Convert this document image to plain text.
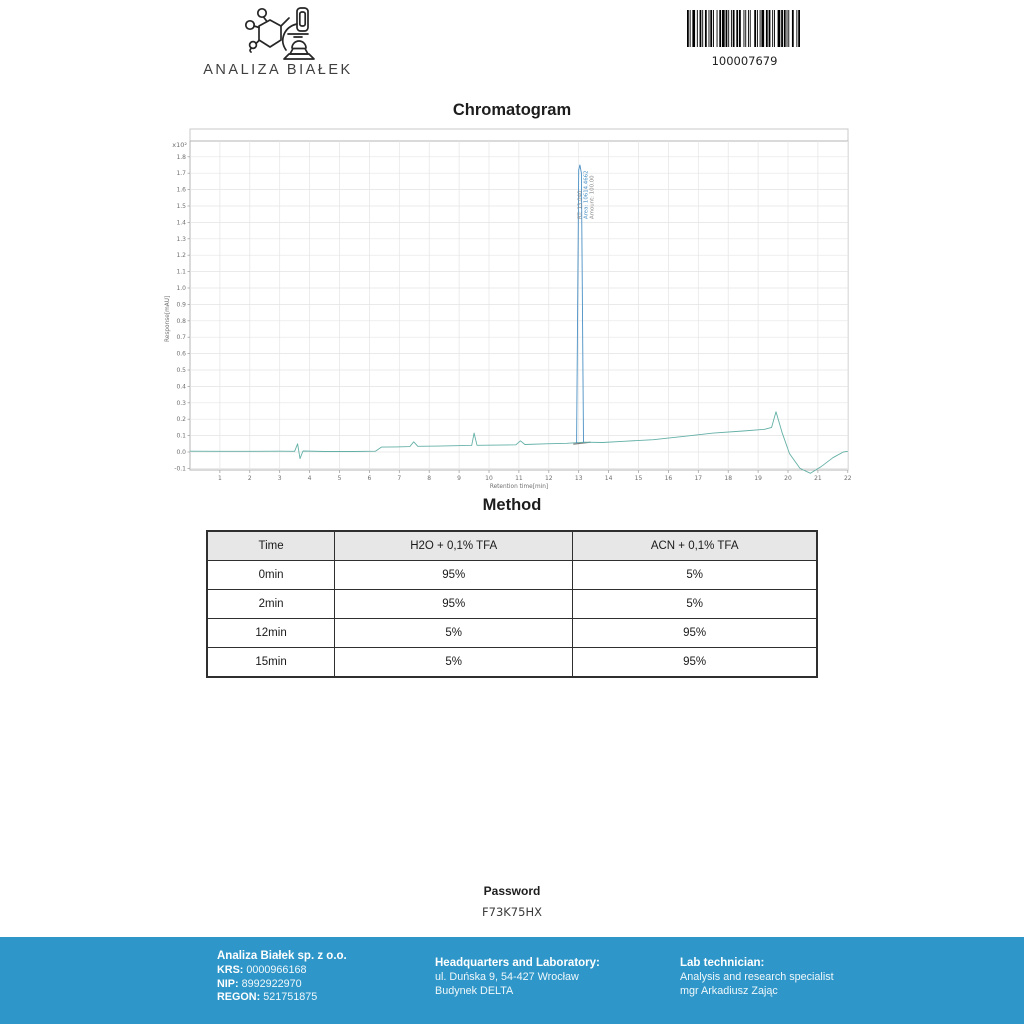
ANALIZA BIAŁEK
100007679
Chromatogram
1	2	3	4	5	6	7	8	9	10	11	12	13	14	15	16	17	18	19	20	21	22
-0.1
0.0
0.1
0.2
0.3
0.4
0.5
0.6
0.7
0.8
0.9
1.0
1.1
1.2
1.3
1.4
1.5
1.6
1.7
1.8
RT: 13.040 Area: 10614.4662 Amount: 100.00
x10²
Response[mAU]
Retention time[min]
Method
Time	H2O + 0,1% TFA	ACN + 0,1% TFA
0min	95%	5%
2min	95%	5%
12min	5%	95%
15min	5%	95%
Password
F73K75HX
Analiza Białek sp. z o.o.
KRS: 0000966168
NIP: 8992922970
REGON: 521751875
Headquarters and Laboratory:
ul. Duńska 9, 54-427 Wrocław
Budynek DELTA
Lab technician:
Analysis and research specialist
mgr Arkadiusz Zając
